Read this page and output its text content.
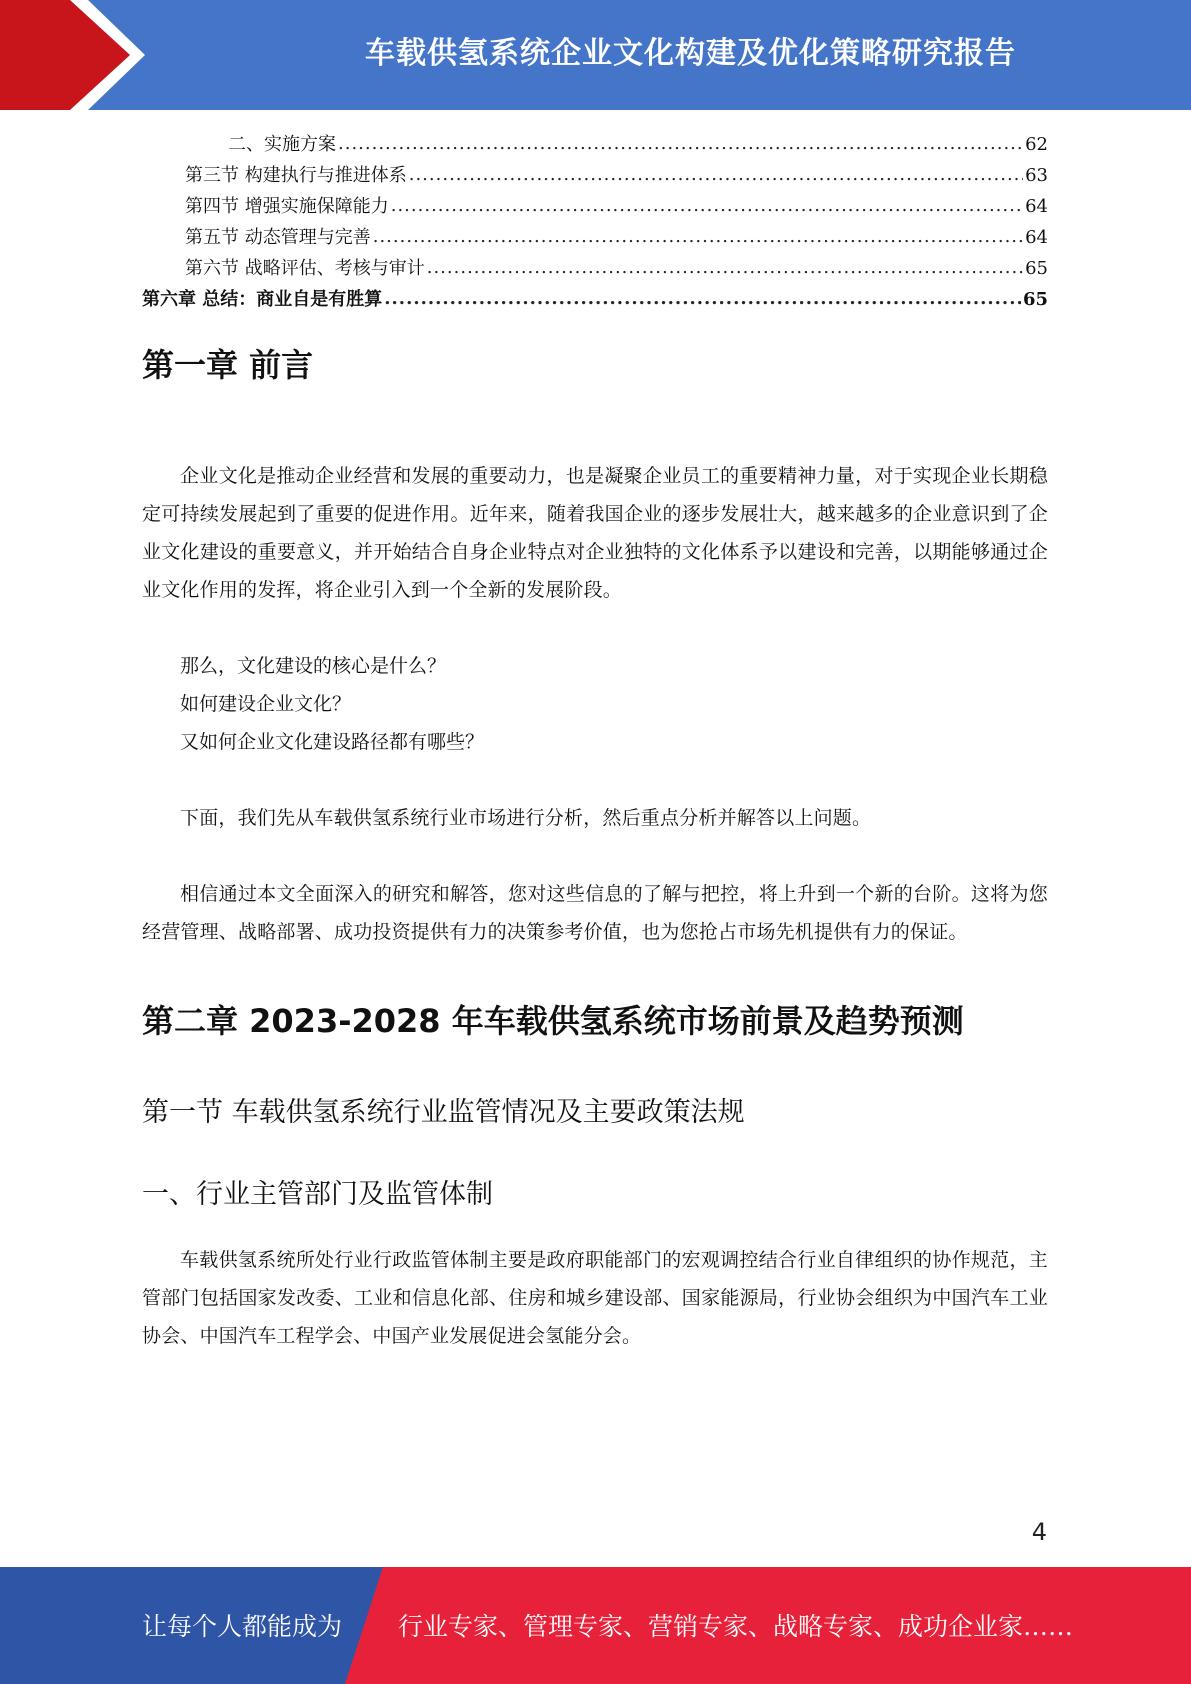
车载供氢系统企业文化构建及优化策略研究报告
二、实施方案 .....	62
第三节 构建执行与推进体系 .....	63
第四节 增强实施保障能力 .....	64
第五节 动态管理与完善 .....	64
第六节 战略评估、考核与审计 .....	65
第六章 总结：商业自是有胜算 .....	65
第一章 前言

企业文化是推动企业经营和发展的重要动力，也是凝聚企业员工的重要精神力量，对于实现企业长期稳定可持续发展起到了重要的促进作用。近年来，随着我国企业的逐步发展壮大，越来越多的企业意识到了企业文化建设的重要意义，并开始结合自身企业特点对企业独特的文化体系予以建设和完善，以期能够通过企业文化作用的发挥，将企业引入到一个全新的发展阶段。

那么，文化建设的核心是什么？

如何建设企业文化？

又如何企业文化建设路径都有哪些？

下面，我们先从车载供氢系统行业市场进行分析，然后重点分析并解答以上问题。

相信通过本文全面深入的研究和解答，您对这些信息的了解与把控，将上升到一个新的台阶。这将为您经营管理、战略部署、成功投资提供有力的决策参考价值，也为您抢占市场先机提供有力的保证。

第二章 2023-2028 年车载供氢系统市场前景及趋势预测
第一节 车载供氢系统行业监管情况及主要政策法规
一、行业主管部门及监管体制

车载供氢系统所处行业行政监管体制主要是政府职能部门的宏观调控结合行业自律组织的协作规范，主管部门包括国家发改委、工业和信息化部、住房和城乡建设部、国家能源局，行业协会组织为中国汽车工业协会、中国汽车工程学会、中国产业发展促进会氢能分会。

4
让每个人都能成为 行业专家、管理专家、营销专家、战略专家、成功企业家……
